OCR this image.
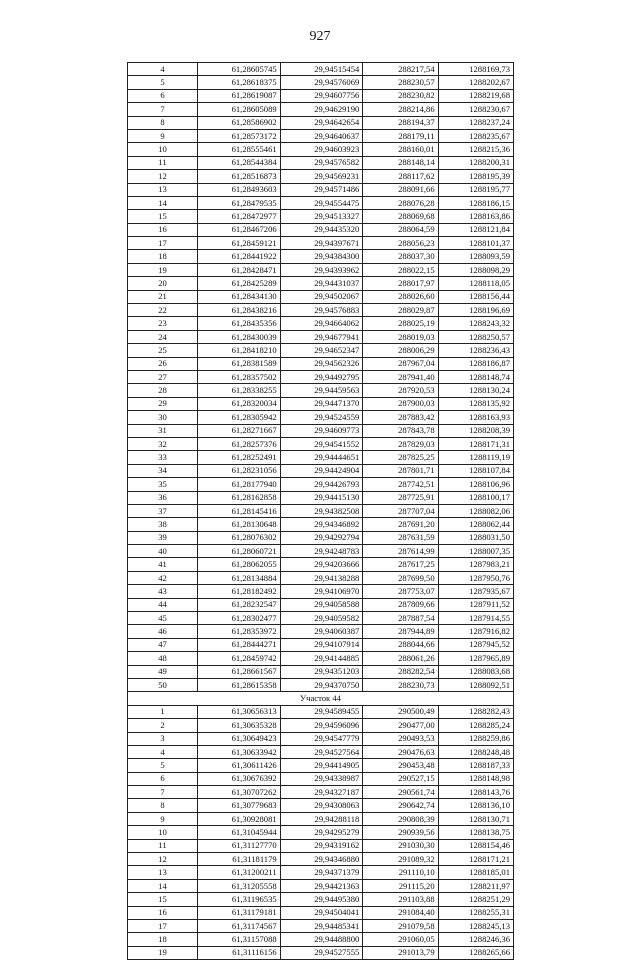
927
4	61,28605745	29,94515454	288217,54	1288169,73
5	61,28618375	29,94576069	288230,57	1288202,67
6	61,28619087	29,94607756	288230,82	1288219,68
7	61,28605089	29,94629190	288214,86	1288230,67
8	61,28586902	29,94642654	288194,37	1288237,24
9	61,28573172	29,94640637	288179,11	1288235,67
10	61,28555461	29,94603923	288160,01	1288215,36
11	61,28544384	29,94576582	288148,14	1288200,31
12	61,28516873	29,94569231	288117,62	1288195,39
13	61,28493603	29,94571486	288091,66	1288195,77
14	61,28479535	29,94554475	288076,28	1288186,15
15	61,28472977	29,94513327	288069,68	1288163,86
16	61,28467206	29,94435320	288064,59	1288121,84
17	61,28459121	29,94397671	288056,23	1288101,37
18	61,28441922	29,94384300	288037,30	1288093,59
19	61,28428471	29,94393962	288022,15	1288098,29
20	61,28425289	29,94431037	288017,97	1288118,05
21	61,28434130	29,94502067	288026,60	1288156,44
22	61,28438216	29,94576883	288029,87	1288196,69
23	61,28435356	29,94664062	288025,19	1288243,32
24	61,28430039	29,94677941	288019,03	1288250,57
25	61,28418210	29,94652347	288006,29	1288236,43
26	61,28381589	29,94562326	287967,04	1288186,87
27	61,28357502	29,94492795	287941,40	1288148,74
28	61,28338255	29,94459563	287920,53	1288130,24
29	61,28320034	29,94471370	287900,03	1288135,92
30	61,28305942	29,94524559	287883,42	1288163,93
31	61,28271667	29,94609773	287843,78	1288208,39
32	61,28257376	29,94541552	287829,03	1288171,31
33	61,28252491	29,94444651	287825,25	1288119,19
34	61,28231056	29,94424904	287801,71	1288107,84
35	61,28177940	29,94426793	287742,51	1288106,96
36	61,28162858	29,94415130	287725,91	1288100,17
37	61,28145416	29,94382508	287707,04	1288082,06
38	61,28130648	29,94346892	287691,20	1288062,44
39	61,28076302	29,94292794	287631,59	1288031,50
40	61,28060721	29,94248783	287614,99	1288007,35
41	61,28062055	29,94203666	287617,25	1287983,21
42	61,28134884	29,94138288	287699,50	1287950,76
43	61,28182492	29,94106970	287753,07	1287935,67
44	61,28232547	29,94058588	287809,66	1287911,52
45	61,28302477	29,94059582	287887,54	1287914,55
46	61,28353972	29,94060387	287944,89	1287916,82
47	61,28444271	29,94107914	288044,66	1287945,52
48	61,28459742	29,94144885	288061,26	1287965,89
49	61,28661567	29,94351203	288282,54	1288083,68
50	61,28615358	29,94370750	288230,73	1288092,51
Участок 44				
1	61,30656313	29,94589455	290500,49	1288282,43
2	61,30635328	29,94596096	290477,00	1288285,24
3	61,30649423	29,94547779	290493,53	1288259,86
4	61,30633942	29,94527564	290476,63	1288248,48
5	61,30611426	29,94414905	290453,48	1288187,33
6	61,30676392	29,94338987	290527,15	1288148,98
7	61,30707262	29,94327187	290561,74	1288143,76
8	61,30779683	29,94308063	290642,74	1288136,10
9	61,30928081	29,94288118	290808,39	1288130,71
10	61,31045944	29,94295279	290939,56	1288138,75
11	61,31127770	29,94319162	291030,30	1288154,46
12	61,31181179	29,94346880	291089,32	1288171,21
13	61,31200211	29,94371379	291110,10	1288185,01
14	61,31205558	29,94421363	291115,20	1288211,97
15	61,31196535	29,94495380	291103,88	1288251,29
16	61,31179181	29,94504041	291084,40	1288255,31
17	61,31174567	29,94485341	291079,58	1288245,13
18	61,31157088	29,94488800	291060,05	1288246,36
19	61,31116156	29,94527555	291013,79	1288265,66
